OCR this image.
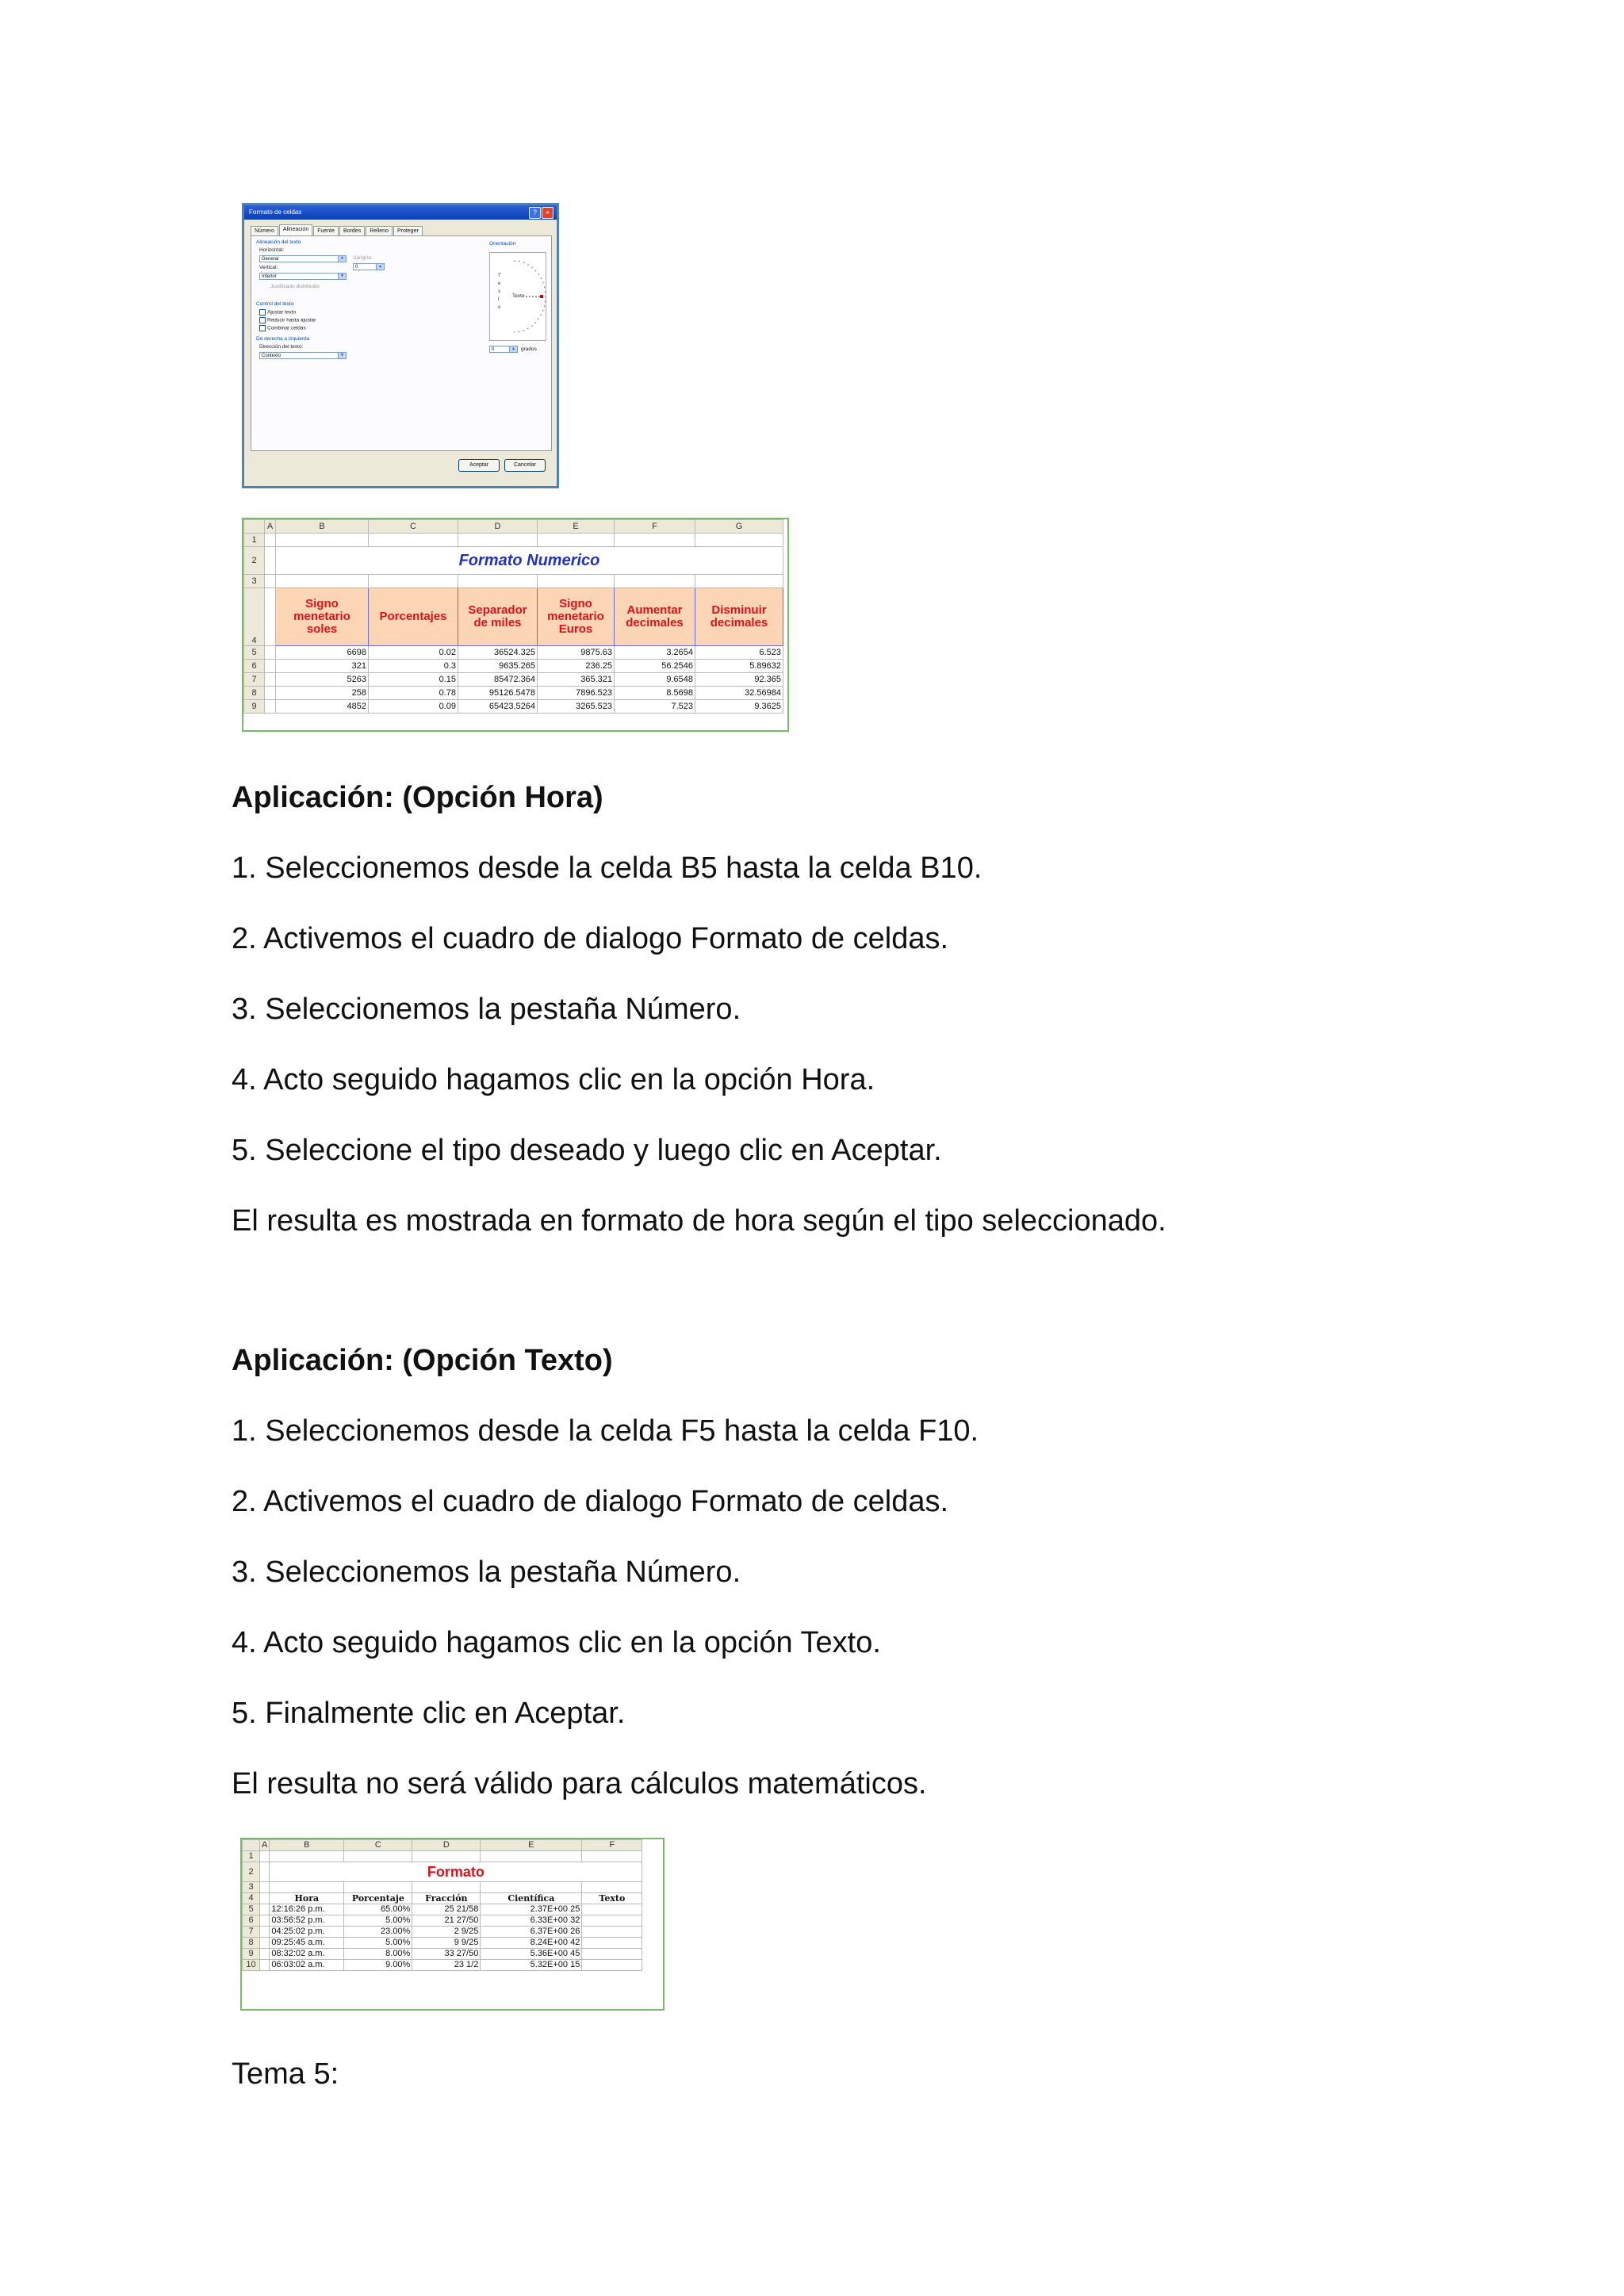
Formato de celdas	?	×
Número	Alineación	Fuente	Bordes	Relleno	Proteger
Alineación del texto
Horizontal:
General	▼	Sangría:
Vertical:
Inferior	▼
0	▲
Justificado distribuido
Control del texto
Ajustar texto
Reducir hasta ajustar
Combinar celdas
De derecha a izquierda
Dirección del texto:
Contexto	▼
Orientación
T
e
x
t
o
Texto
0	▲	grados
Aceptar	Cancelar
	A	B	C	D	E	F	G
1							
2		Formato Numerico					
3							
4		Signo menetario soles	Porcentajes	Separador de miles	Signo menetario Euros	Aumentar decimales	Disminuir decimales
5		6698	0.02	36524.325	9875.63	3.2654	6.523
6		321	0.3	9635.265	236.25	56.2546	5.89632
7		5263	0.15	85472.364	365.321	9.6548	92.365
8		258	0.78	95126.5478	7896.523	8.5698	32.56984
9		4852	0.09	65423.5264	3265.523	7.523	9.3625
Aplicación: (Opción Hora)
1. Seleccionemos desde la celda B5 hasta la celda B10.
2. Activemos el cuadro de dialogo Formato de celdas.
3. Seleccionemos la pestaña Número.
4. Acto seguido hagamos clic en la opción Hora.
5. Seleccione el tipo deseado y luego clic en Aceptar.
El resulta es mostrada en formato de hora según el tipo seleccionado.
Aplicación: (Opción Texto)
1. Seleccionemos desde la celda F5 hasta la celda F10.
2. Activemos el cuadro de dialogo Formato de celdas.
3. Seleccionemos la pestaña Número.
4. Acto seguido hagamos clic en la opción Texto.
5. Finalmente clic en Aceptar.
El resulta no será válido para cálculos matemáticos.
	A	B	C	D	E	F
1						
2		Formato				
3						
4		Hora	Porcentaje	Fracción	Científica	Texto
5		12:16:26 p.m.	65.00%	25 21/58	2.37E+00 25	
6		03:56:52 p.m.	5.00%	21 27/50	6.33E+00 32	
7		04:25:02 p.m.	23.00%	2 9/25	6.37E+00 26	
8		09:25:45 a.m.	5.00%	9 9/25	8.24E+00 42	
9		08:32:02 a.m.	8.00%	33 27/50	5.36E+00 45	
10		06:03:02 a.m.	9.00%	23 1/2	5.32E+00 15	
Tema 5:
